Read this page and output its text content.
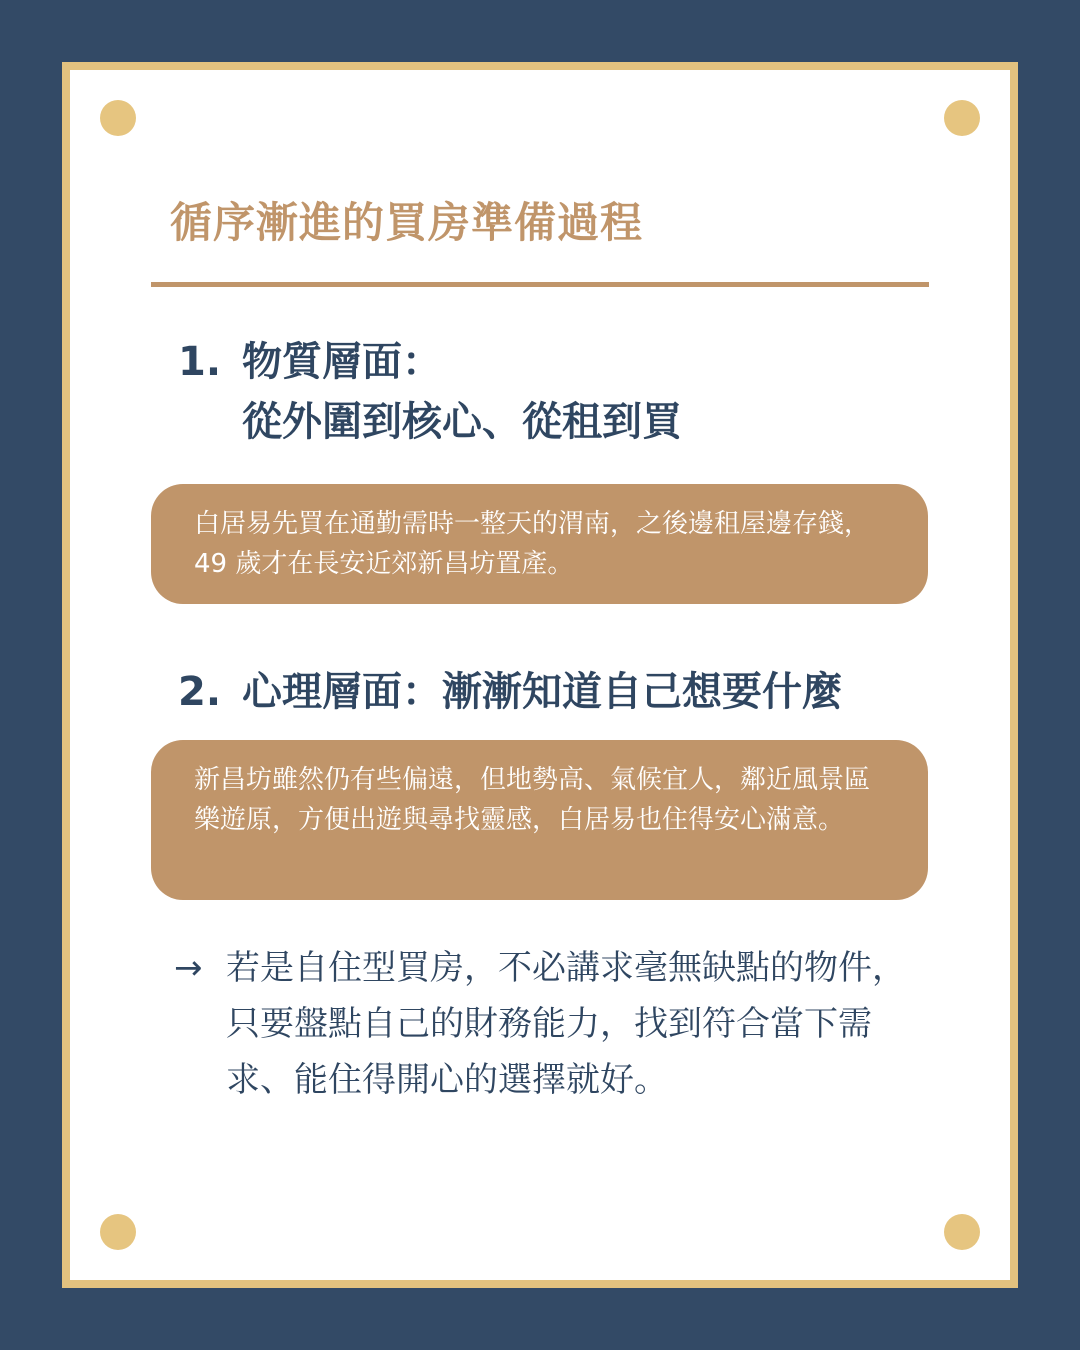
循序漸進的買房準備過程
1. 物質層面：
從外圍到核心、從租到買
白居易先買在通勤需時一整天的渭南，之後邊租屋邊存錢，49 歲才在長安近郊新昌坊置產。
2. 心理層面：漸漸知道自己想要什麼
新昌坊雖然仍有些偏遠，但地勢高、氣候宜人，鄰近風景區樂遊原，方便出遊與尋找靈感，白居易也住得安心滿意。
→ 若是自住型買房，不必講求毫無缺點的物件，只要盤點自己的財務能力，找到符合當下需求、能住得開心的選擇就好。
